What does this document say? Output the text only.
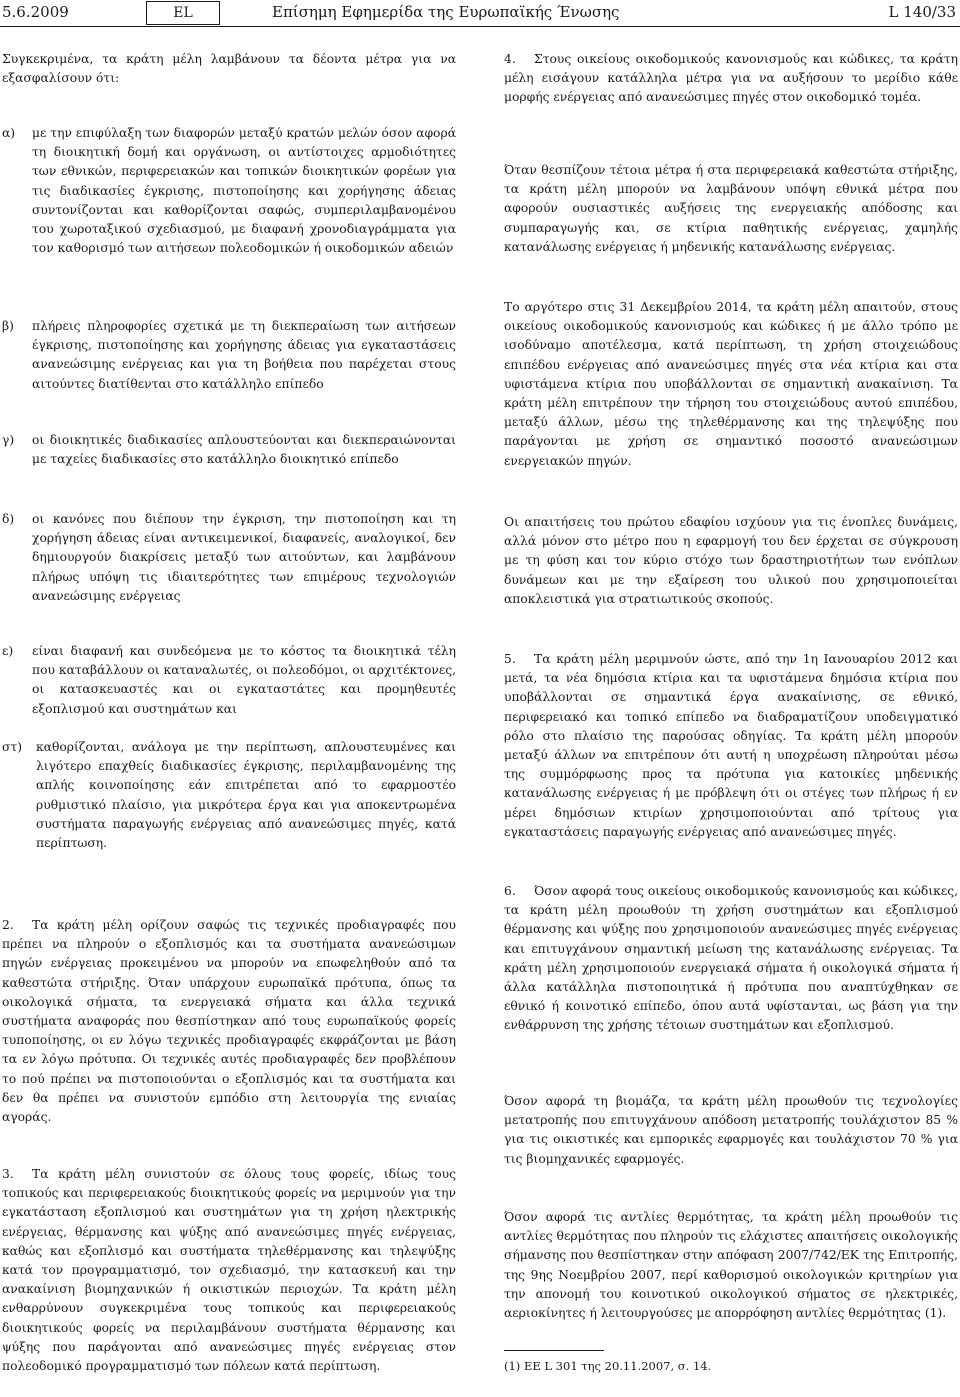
5.6.2009	EL	Επίσημη Εφημερίδα της Ευρωπαϊκής Ένωσης	L 140/33

Συγκεκριμένα, τα κράτη μέλη λαμβάνουν τα δέοντα μέτρα για να εξασφαλίσουν ότι:

α) με την επιφύλαξη των διαφορών μεταξύ κρατών μελών όσον αφορά τη διοικητική δομή και οργάνωση, οι αντίστοιχες αρμοδιότητες των εθνικών, περιφερειακών και τοπικών διοικητικών φορέων για τις διαδικασίες έγκρισης, πιστοποίησης και χορήγησης άδειας συντονίζονται και καθορίζονται σαφώς, συμπεριλαμβανομένου του χωροταξικού σχεδιασμού, με διαφανή χρονοδιαγράμματα για τον καθορισμό των αιτήσεων πολεοδομικών ή οικοδομικών αδειών
β) πλήρεις πληροφορίες σχετικά με τη διεκπεραίωση των αιτήσεων έγκρισης, πιστοποίησης και χορήγησης άδειας για εγκαταστάσεις ανανεώσιμης ενέργειας και για τη βοήθεια που παρέχεται στους αιτούντες διατίθενται στο κατάλληλο επίπεδο
γ) οι διοικητικές διαδικασίες απλουστεύονται και διεκπεραιώνονται με ταχείες διαδικασίες στο κατάλληλο διοικητικό επίπεδο
δ) οι κανόνες που διέπουν την έγκριση, την πιστοποίηση και τη χορήγηση άδειας είναι αντικειμενικοί, διαφανείς, αναλογικοί, δεν δημιουργούν διακρίσεις μεταξύ των αιτούντων, και λαμβάνουν πλήρως υπόψη τις ιδιαιτερότητες των επιμέρους τεχνολογιών ανανεώσιμης ενέργειας
ε) είναι διαφανή και συνδεόμενα με το κόστος τα διοικητικά τέλη που καταβάλλουν οι καταναλωτές, οι πολεοδόμοι, οι αρχιτέκτονες, οι κατασκευαστές και οι εγκαταστάτες και προμηθευτές εξοπλισμού και συστημάτων και
στ) καθορίζονται, ανάλογα με την περίπτωση, απλουστευμένες και λιγότερο επαχθείς διαδικασίες έγκρισης, περιλαμβανομένης της απλής κοινοποίησης εάν επιτρέπεται από το εφαρμοστέο ρυθμιστικό πλαίσιο, για μικρότερα έργα και για αποκεντρωμένα συστήματα παραγωγής ενέργειας από ανανεώσιμες πηγές, κατά περίπτωση.
2. Τα κράτη μέλη ορίζουν σαφώς τις τεχνικές προδιαγραφές που πρέπει να πληρούν ο εξοπλισμός και τα συστήματα ανανεώσιμων πηγών ενέργειας προκειμένου να μπορούν να επωφεληθούν από τα καθεστώτα στήριξης. Όταν υπάρχουν ευρωπαϊκά πρότυπα, όπως τα οικολογικά σήματα, τα ενεργειακά σήματα και άλλα τεχνικά συστήματα αναφοράς που θεσπίστηκαν από τους ευρωπαϊκούς φορείς τυποποίησης, οι εν λόγω τεχνικές προδιαγραφές εκφράζονται με βάση τα εν λόγω πρότυπα. Οι τεχνικές αυτές προδιαγραφές δεν προβλέπουν το πού πρέπει να πιστοποιούνται ο εξοπλισμός και τα συστήματα και δεν θα πρέπει να συνιστούν εμπόδιο στη λειτουργία της ενιαίας αγοράς.
3. Τα κράτη μέλη συνιστούν σε όλους τους φορείς, ιδίως τους τοπικούς και περιφερειακούς διοικητικούς φορείς να μεριμνούν για την εγκατάσταση εξοπλισμού και συστημάτων για τη χρήση ηλεκτρικής ενέργειας, θέρμανσης και ψύξης από ανανεώσιμες πηγές ενέργειας, καθώς και εξοπλισμό και συστήματα τηλεθέρμανσης και τηλεψύξης κατά τον προγραμματισμό, τον σχεδιασμό, την κατασκευή και την ανακαίνιση βιομηχανικών ή οικιστικών περιοχών. Τα κράτη μέλη ενθαρρύνουν συγκεκριμένα τους τοπικούς και περιφερειακούς διοικητικούς φορείς να περιλαμβάνουν συστήματα θέρμανσης και ψύξης που παράγονται από ανανεώσιμες πηγές ενέργειας στον πολεοδομικό προγραμματισμό των πόλεων κατά περίπτωση.
4. Στους οικείους οικοδομικούς κανονισμούς και κώδικες, τα κράτη μέλη εισάγουν κατάλληλα μέτρα για να αυξήσουν το μερίδιο κάθε μορφής ενέργειας από ανανεώσιμες πηγές στον οικοδομικό τομέα.

Όταν θεσπίζουν τέτοια μέτρα ή στα περιφερειακά καθεστώτα στήριξης, τα κράτη μέλη μπορούν να λαμβάνουν υπόψη εθνικά μέτρα που αφορούν ουσιαστικές αυξήσεις της ενεργειακής απόδοσης και συμπαραγωγής και, σε κτίρια παθητικής ενέργειας, χαμηλής κατανάλωσης ενέργειας ή μηδενικής κατανάλωσης ενέργειας.

Το αργότερο στις 31 Δεκεμβρίου 2014, τα κράτη μέλη απαιτούν, στους οικείους οικοδομικούς κανονισμούς και κώδικες ή με άλλο τρόπο με ισοδύναμο αποτέλεσμα, κατά περίπτωση, τη χρήση στοιχειώδους επιπέδου ενέργειας από ανανεώσιμες πηγές στα νέα κτίρια και στα υφιστάμενα κτίρια που υποβάλλονται σε σημαντική ανακαίνιση. Τα κράτη μέλη επιτρέπουν την τήρηση του στοιχειώδους αυτού επιπέδου, μεταξύ άλλων, μέσω της τηλεθέρμανσης και της τηλεψύξης που παράγονται με χρήση σε σημαντικό ποσοστό ανανεώσιμων ενεργειακών πηγών.

Οι απαιτήσεις του πρώτου εδαφίου ισχύουν για τις ένοπλες δυνάμεις, αλλά μόνον στο μέτρο που η εφαρμογή του δεν έρχεται σε σύγκρουση με τη φύση και τον κύριο στόχο των δραστηριοτήτων των ενόπλων δυνάμεων και με την εξαίρεση του υλικού που χρησιμοποιείται αποκλειστικά για στρατιωτικούς σκοπούς.

5. Τα κράτη μέλη μεριμνούν ώστε, από την 1η Ιανουαρίου 2012 και μετά, τα νέα δημόσια κτίρια και τα υφιστάμενα δημόσια κτίρια που υποβάλλονται σε σημαντικά έργα ανακαίνισης, σε εθνικό, περιφερειακό και τοπικό επίπεδο να διαδραματίζουν υποδειγματικό ρόλο στο πλαίσιο της παρούσας οδηγίας. Τα κράτη μέλη μπορούν μεταξύ άλλων να επιτρέπουν ότι αυτή η υποχρέωση πληρούται μέσω της συμμόρφωσης προς τα πρότυπα για κατοικίες μηδενικής κατανάλωσης ενέργειας ή με πρόβλεψη ότι οι στέγες των πλήρως ή εν μέρει δημόσιων κτιρίων χρησιμοποιούνται από τρίτους για εγκαταστάσεις παραγωγής ενέργειας από ανανεώσιμες πηγές.
6. Όσον αφορά τους οικείους οικοδομικούς κανονισμούς και κώδικες, τα κράτη μέλη προωθούν τη χρήση συστημάτων και εξοπλισμού θέρμανσης και ψύξης που χρησιμοποιούν ανανεώσιμες πηγές ενέργειας και επιτυγχάνουν σημαντική μείωση της κατανάλωσης ενέργειας. Τα κράτη μέλη χρησιμοποιούν ενεργειακά σήματα ή οικολογικά σήματα ή άλλα κατάλληλα πιστοποιητικά ή πρότυπα που αναπτύχθηκαν σε εθνικό ή κοινοτικό επίπεδο, όπου αυτά υφίστανται, ως βάση για την ενθάρρυνση της χρήσης τέτοιων συστημάτων και εξοπλισμού.

Όσον αφορά τη βιομάζα, τα κράτη μέλη προωθούν τις τεχνολογίες μετατροπής που επιτυγχάνουν απόδοση μετατροπής τουλάχιστον 85 % για τις οικιστικές και εμπορικές εφαρμογές και τουλάχιστον 70 % για τις βιομηχανικές εφαρμογές.

Όσον αφορά τις αντλίες θερμότητας, τα κράτη μέλη προωθούν τις αντλίες θερμότητας που πληρούν τις ελάχιστες απαιτήσεις οικολογικής σήμανσης που θεσπίστηκαν στην απόφαση 2007/742/ΕΚ της Επιτροπής, της 9ης Νοεμβρίου 2007, περί καθορισμού οικολογικών κριτηρίων για την απονομή του κοινοτικού οικολογικού σήματος σε ηλεκτρικές, αεριοκίνητες ή λειτουργούσες με απορρόφηση αντλίες θερμότητας (1).

(1) ΕΕ L 301 της 20.11.2007, σ. 14.
